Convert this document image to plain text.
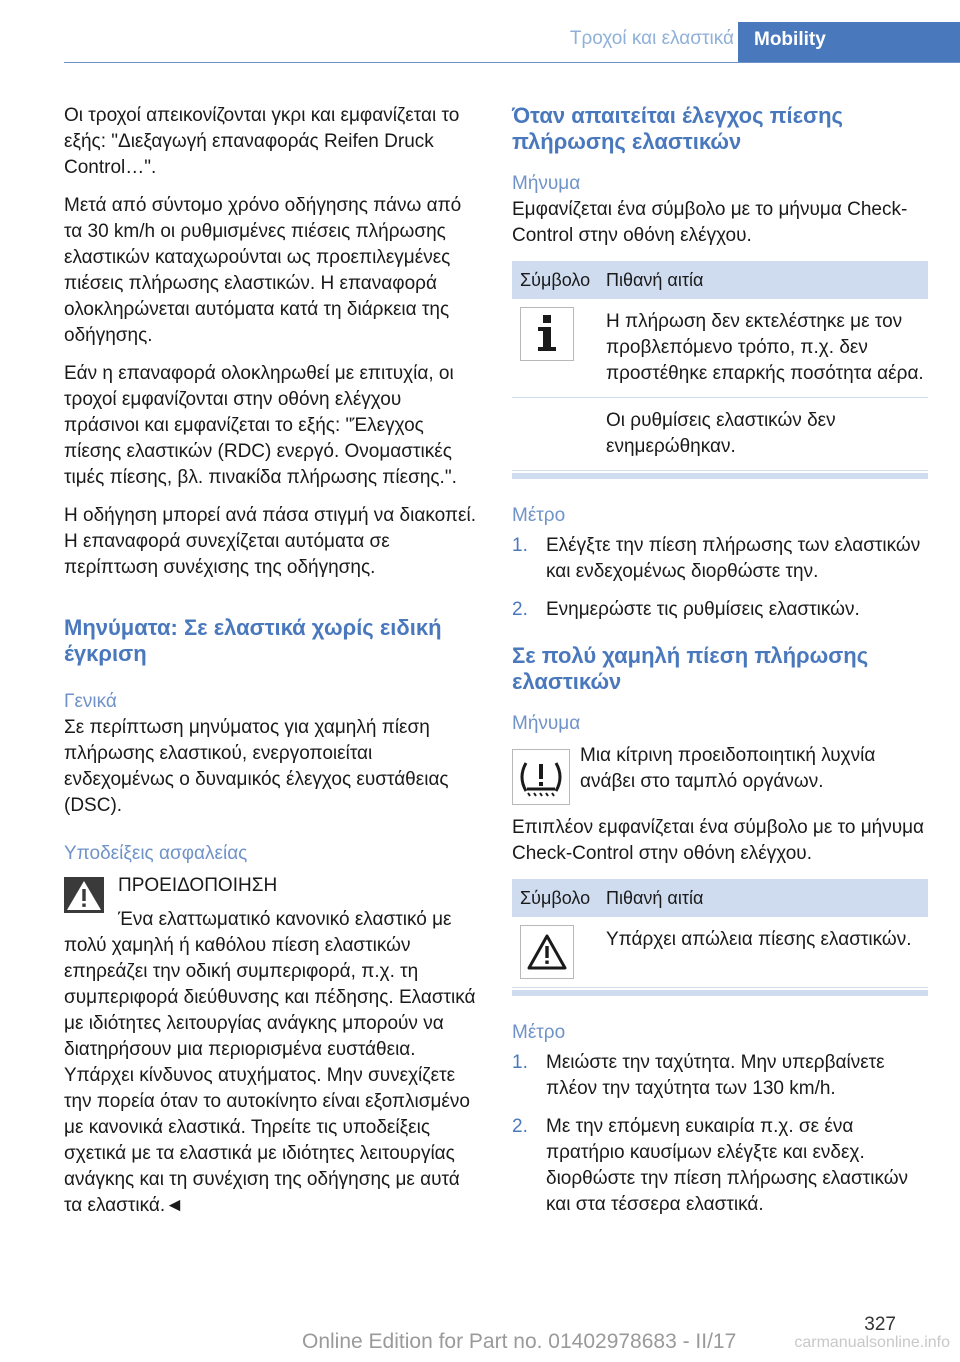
Τροχοί και ελαστικά	Mobility

Οι τροχοί απεικονίζονται γκρι και εμφανίζεται το εξής: "Διεξαγωγή επαναφοράς Reifen Druck Control…".

Μετά από σύντομο χρόνο οδήγησης πάνω από τα 30 km/h οι ρυθμισμένες πιέσεις πλήρωσης ελαστικών καταχωρούνται ως προεπιλεγμένες πιέσεις πλήρωσης ελαστικών. Η επαναφορά ολοκληρώνεται αυτόματα κατά τη διάρκεια της οδήγησης.

Εάν η επαναφορά ολοκληρωθεί με επιτυχία, οι τροχοί εμφανίζονται στην οθόνη ελέγχου πράσινοι και εμφανίζεται το εξής: "Έλεγχος πίεσης ελαστικών (RDC) ενεργό. Ονομαστικές τιμές πίεσης, βλ. πινακίδα πλήρωσης πίεσης.".

Η οδήγηση μπορεί ανά πάσα στιγμή να διακοπεί. Η επαναφορά συνεχίζεται αυτόματα σε περίπτωση συνέχισης της οδήγησης.

Μηνύματα: Σε ελαστικά χωρίς ειδική έγκριση
Γενικά

Σε περίπτωση μηνύματος για χαμηλή πίεση πλήρωσης ελαστικού, ενεργοποιείται ενδεχομένως ο δυναμικός έλεγχος ευστάθειας (DSC).

Υποδείξεις ασφαλείας
ΠΡΟΕΙΔΟΠΟΙΗΣΗ

Ένα ελαττωματικό κανονικό ελαστικό με πολύ χαμηλή ή καθόλου πίεση ελαστικών επηρεάζει την οδική συμπεριφορά, π.χ. τη συμπεριφορά διεύθυνσης και πέδησης. Ελαστικά με ιδιότητες λειτουργίας ανάγκης μπορούν να διατηρήσουν μια περιορισμένα ευστάθεια. Υπάρχει κίνδυνος ατυχήματος. Μην συνεχίζετε την πορεία όταν το αυτοκίνητο είναι εξοπλισμένο με κανονικά ελαστικά. Τηρείτε τις υποδείξεις σχετικά με τα ελαστικά με ιδιότητες λειτουργίας ανάγκης και τη συνέχιση της οδήγησης με αυτά τα ελαστικά.◄

Όταν απαιτείται έλεγχος πίεσης πλήρωσης ελαστικών
Μήνυμα

Εμφανίζεται ένα σύμβολο με το μήνυμα Check-Control στην οθόνη ελέγχου.

Σύμβολο	Πιθανή αιτία

	Η πλήρωση δεν εκτελέστηκε με τον προβλεπόμενο τρόπο, π.χ. δεν προστέθηκε επαρκής ποσότητα αέρα.
	Οι ρυθμίσεις ελαστικών δεν ενημερώθηκαν.
Μέτρο
1. Ελέγξτε την πίεση πλήρωσης των ελαστικών και ενδεχομένως διορθώστε την.
2. Ενημερώστε τις ρυθμίσεις ελαστικών.
Σε πολύ χαμηλή πίεση πλήρωσης ελαστικών
Μήνυμα

Μια κίτρινη προειδοποιητική λυχνία ανάβει στο ταμπλό οργάνων.

Επιπλέον εμφανίζεται ένα σύμβολο με το μήνυμα Check-Control στην οθόνη ελέγχου.

Σύμβολο	Πιθανή αιτία

	Υπάρχει απώλεια πίεσης ελαστικών.
Μέτρο
1. Μειώστε την ταχύτητα. Μην υπερβαίνετε πλέον την ταχύτητα των 130 km/h.
2. Με την επόμενη ευκαιρία π.χ. σε ένα πρατήριο καυσίμων ελέγξτε και ενδεχ. διορθώστε την πίεση πλήρωσης ελαστικών και στα τέσσερα ελαστικά.
327
Online Edition for Part no. 01402978683 - II/17	carmanualsonline.info
